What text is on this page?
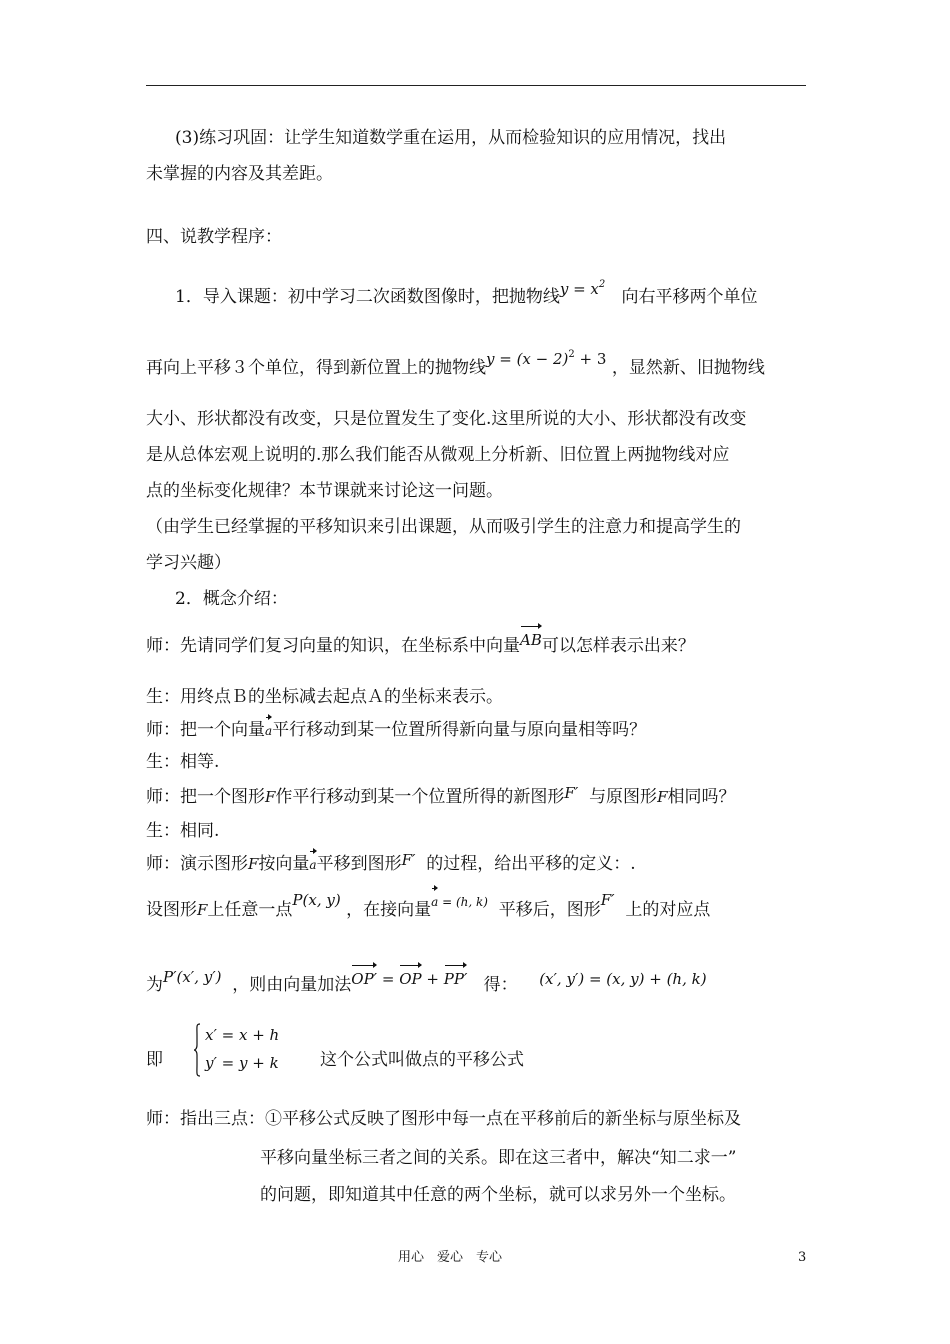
(3)练习巩固：让学生知道数学重在运用，从而检验知识的应用情况，找出
未掌握的内容及其差距。
四、说教学程序：
1．导入课题：初中学习二次函数图像时，把抛物线$y = x^2$   向右平移两个单位
再向上平移３个单位，得到新位置上的抛物线$y = (x - 2)^2 + 3$ ，显然新、旧抛物线
大小、形状都没有改变，只是位置发生了变化.这里所说的大小、形状都没有改变
是从总体宏观上说明的.那么我们能否从微观上分析新、旧位置上两抛物线对应
点的坐标变化规律？本节课就来讨论这一问题。
（由学生已经掌握的平移知识来引出课题，从而吸引学生的注意力和提高学生的
学习兴趣）
2．概念介绍：
师：先请同学们复习向量的知识，在坐标系中向量AB可以怎样表示出来？
生：用终点Ｂ的坐标减去起点Ａ的坐标来表示。
师：把一个向量a平行移动到某一位置所得新向量与原向量相等吗？
生：相等.
师：把一个图形F作平行移动到某一个位置所得的新图形F′ 与原图形F相同吗？
生：相同.
师：演示图形F按向量a平移到图形F′ 的过程，给出平移的定义：.
设图形F上任意一点P(x, y) ，在接向量$^{a = (h, k)}$ 平移后，图形F′ 上的对应点
为P′(x′, y′) ，则由向量加法OP′ = OP + PP′ 得： (x′, y′) = (x, y) + (h, k)
即
x′ = x + h
y′ = y + k 这个公式叫做点的平移公式
师：指出三点：①平移公式反映了图形中每一点在平移前后的新坐标与原坐标及
平移向量坐标三者之间的关系。即在这三者中，解决“知二求一”
的问题，即知道其中任意的两个坐标，就可以求另外一个坐标。
用心　爱心　专心	3
